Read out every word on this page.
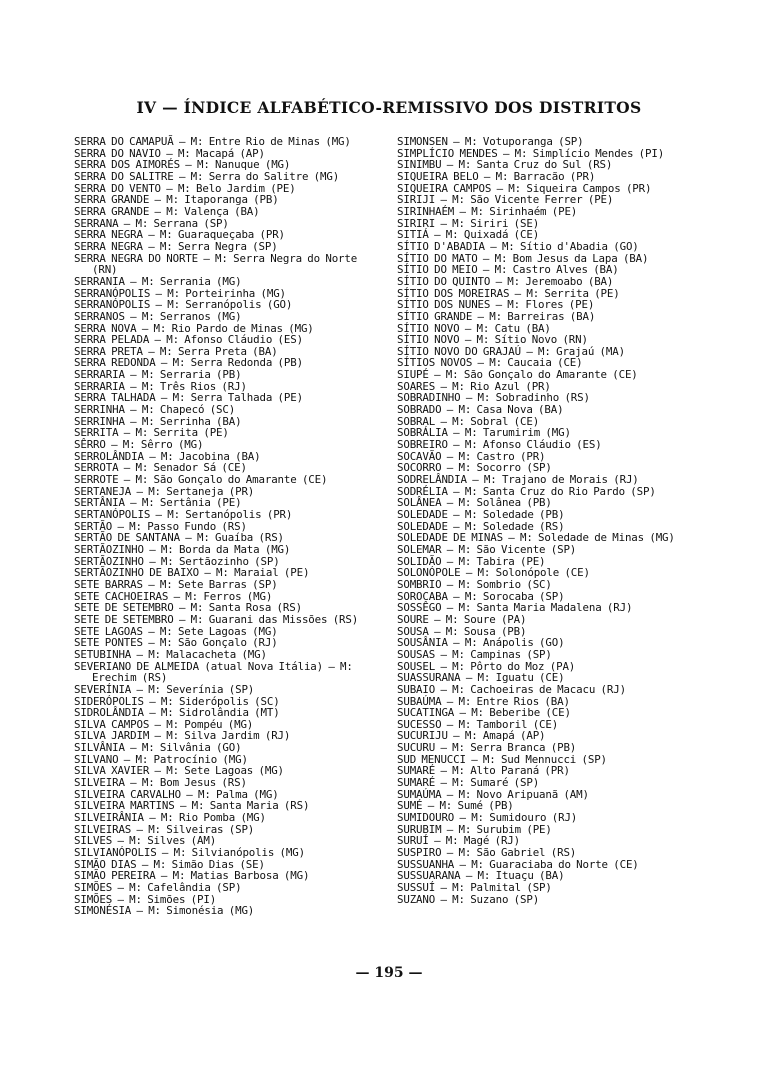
IV — ÍNDICE ALFABÉTICO-REMISSIVO DOS DISTRITOS
SERRA DO CAMAPUÃ — M: Entre Rio de Minas (MG)
SERRA DO NAVIO — M: Macapá (AP)
SERRA DOS AIMORÉS — M: Nanuque (MG)
SERRA DO SALITRE — M: Serra do Salitre (MG)
SERRA DO VENTO — M: Belo Jardim (PE)
SERRA GRANDE — M: Itaporanga (PB)
SERRA GRANDE — M: Valença (BA)
SERRANA — M: Serrana (SP)
SERRA NEGRA — M: Guaraqueçaba (PR)
SERRA NEGRA — M: Serra Negra (SP)
SERRA NEGRA DO NORTE — M: Serra Negra do Norte (RN)
SERRANIA — M: Serrania (MG)
SERRANÓPOLIS — M: Porteirinha (MG)
SERRANÓPOLIS — M: Serranópolis (GO)
SERRANOS — M: Serranos (MG)
SERRA NOVA — M: Rio Pardo de Minas (MG)
SERRA PELADA — M: Afonso Cláudio (ES)
SERRA PRETA — M: Serra Preta (BA)
SERRA REDONDA — M: Serra Redonda (PB)
SERRARIA — M: Serraria (PB)
SERRARIA — M: Três Rios (RJ)
SERRA TALHADA — M: Serra Talhada (PE)
SERRINHA — M: Chapecó (SC)
SERRINHA — M: Serrinha (BA)
SERRITA — M: Serrita (PE)
SÊRRO — M: Sêrro (MG)
SERROLÂNDIA — M: Jacobina (BA)
SERROTA — M: Senador Sá (CE)
SERROTE — M: São Gonçalo do Amarante (CE)
SERTANEJA — M: Sertaneja (PR)
SERTÂNIA — M: Sertânia (PE)
SERTANÓPOLIS — M: Sertanópolis (PR)
SERTÃO — M: Passo Fundo (RS)
SERTÃO DE SANTANA — M: Guaíba (RS)
SERTÃOZINHO — M: Borda da Mata (MG)
SERTÃOZINHO — M: Sertãozinho (SP)
SERTÃOZINHO DE BAIXO — M: Maraial (PE)
SETE BARRAS — M: Sete Barras (SP)
SETE CACHOEIRAS — M: Ferros (MG)
SETE DE SETEMBRO — M: Santa Rosa (RS)
SETE DE SETEMBRO — M: Guarani das Missões (RS)
SETE LAGOAS — M: Sete Lagoas (MG)
SETE PONTES — M: São Gonçalo (RJ)
SETUBINHA — M: Malacacheta (MG)
SEVERIANO DE ALMEIDA (atual Nova Itália) — M: Erechim (RS)
SEVERÍNIA — M: Severínia (SP)
SIDERÓPOLIS — M: Siderópolis (SC)
SIDROLÂNDIA — M: Sidrolândia (MT)
SILVA CAMPOS — M: Pompéu (MG)
SILVA JARDIM — M: Silva Jardim (RJ)
SILVÂNIA — M: Silvânia (GO)
SILVANO — M: Patrocínio (MG)
SILVA XAVIER — M: Sete Lagoas (MG)
SILVEIRA — M: Bom Jesus (RS)
SILVEIRA CARVALHO — M: Palma (MG)
SILVEIRA MARTINS — M: Santa Maria (RS)
SILVEIRÂNIA — M: Rio Pomba (MG)
SILVEIRAS — M: Silveiras (SP)
SILVES — M: Silves (AM)
SILVIANÓPOLIS — M: Silvianópolis (MG)
SIMÃO DIAS — M: Simão Dias (SE)
SIMÃO PEREIRA — M: Matias Barbosa (MG)
SIMÕES — M: Cafelândia (SP)
SIMÕES — M: Simões (PI)
SIMONÉSIA — M: Simonésia (MG)
SIMONSEN — M: Votuporanga (SP)
SIMPLÍCIO MENDES — M: Simplício Mendes (PI)
SINIMBU — M: Santa Cruz do Sul (RS)
SIQUEIRA BELO — M: Barracão (PR)
SIQUEIRA CAMPOS — M: Siqueira Campos (PR)
SIRIJI — M: São Vicente Ferrer (PE)
SIRINHAÉM — M: Sirinhaém (PE)
SIRIRI — M: Siriri (SE)
SITIÁ — M: Quixadá (CE)
SÍTIO D'ABADIA — M: Sítio d'Abadia (GO)
SÍTIO DO MATO — M: Bom Jesus da Lapa (BA)
SÍTIO DO MEIO — M: Castro Alves (BA)
SÍTIO DO QUINTO — M: Jeremoabo (BA)
SÍTIO DOS MOREIRAS — M: Serrita (PE)
SÍTIO DOS NUNES — M: Flores (PE)
SÍTIO GRANDE — M: Barreiras (BA)
SÍTIO NOVO — M: Catu (BA)
SÍTIO NOVO — M: Sítio Novo (RN)
SÍTIO NOVO DO GRAJAÚ — M: Grajaú (MA)
SÍTIOS NOVOS — M: Caucaia (CE)
SIUPÉ — M: São Gonçalo do Amarante (CE)
SOARES — M: Rio Azul (PR)
SOBRADINHO — M: Sobradinho (RS)
SOBRADO — M: Casa Nova (BA)
SOBRAL — M: Sobral (CE)
SOBRÁLIA — M: Tarumirim (MG)
SOBREIRO — M: Afonso Cláudio (ES)
SOCAVÃO — M: Castro (PR)
SOCORRO — M: Socorro (SP)
SODRELÂNDIA — M: Trajano de Morais (RJ)
SODRÉLIA — M: Santa Cruz do Rio Pardo (SP)
SOLÂNEA — M: Solânea (PB)
SOLEDADE — M: Soledade (PB)
SOLEDADE — M: Soledade (RS)
SOLEDADE DE MINAS — M: Soledade de Minas (MG)
SOLEMAR — M: São Vicente (SP)
SOLIDÃO — M: Tabira (PE)
SOLONÓPOLE — M: Solonópole (CE)
SOMBRIO — M: Sombrio (SC)
SOROCABA — M: Sorocaba (SP)
SOSSÊGO — M: Santa Maria Madalena (RJ)
SOURE — M: Soure (PA)
SOUSA — M: Sousa (PB)
SOUSÂNIA — M: Anápolis (GO)
SOUSAS — M: Campinas (SP)
SOUSEL — M: Pôrto do Moz (PA)
SUASSURANA — M: Iguatu (CE)
SUBAIO — M: Cachoeiras de Macacu (RJ)
SUBAÚMA — M: Entre Rios (BA)
SUCATINGA — M: Beberibe (CE)
SUCESSO — M: Tamboril (CE)
SUCURIJU — M: Amapá (AP)
SUCURU — M: Serra Branca (PB)
SUD MENUCCI — M: Sud Mennucci (SP)
SUMARÉ — M: Alto Paraná (PR)
SUMARÉ — M: Sumaré (SP)
SUMAÚMA — M: Novo Aripuanã (AM)
SUMÉ — M: Sumé (PB)
SUMIDOURO — M: Sumidouro (RJ)
SURUBIM — M: Surubim (PE)
SURUÍ — M: Magé (RJ)
SUSPIRO — M: São Gabriel (RS)
SUSSUANHA — M: Guaraciaba do Norte (CE)
SUSSUARANA — M: Ituaçu (BA)
SUSSUÍ — M: Palmital (SP)
SUZANO — M: Suzano (SP)
— 195 —
